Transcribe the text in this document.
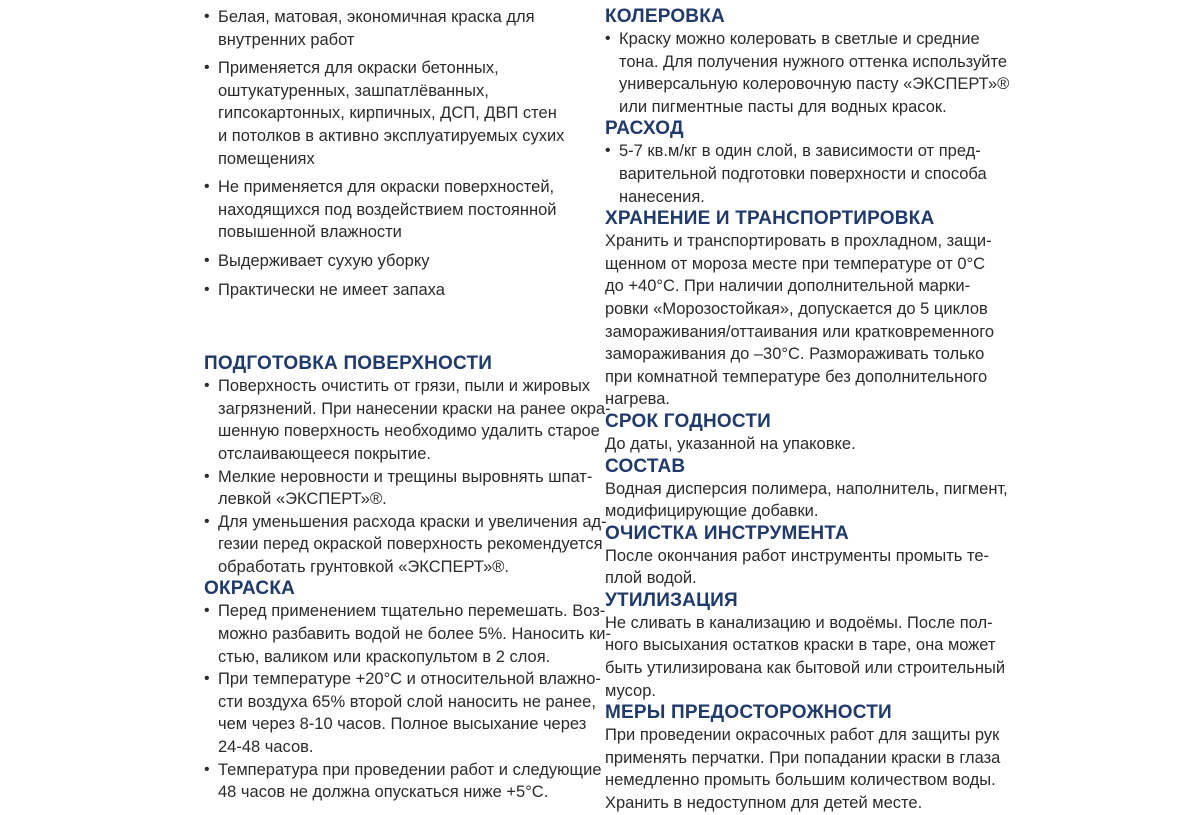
• Белая, матовая, экономичная краска для
внутренних работ
• Применяется для окраски бетонных,
оштукатуренных, зашпатлёванных,
гипсокартонных, кирпичных, ДСП, ДВП стен
и потолков в активно эксплуатируемых сухих
помещениях
• Не применяется для окраски поверхностей,
находящихся под воздействием постоянной
повышенной влажности
• Выдерживает сухую уборку
• Практически не имеет запаха
ПОДГОТОВКА ПОВЕРХНОСТИ
• Поверхность очистить от грязи, пыли и жировых
загрязнений. При нанесении краски на ранее окра-
шенную поверхность необходимо удалить старое
отслаивающееся покрытие.
• Мелкие неровности и трещины выровнять шпат-
левкой «ЭКСПЕРТ»®.
• Для уменьшения расхода краски и увеличения ад-
гезии перед окраской поверхность рекомендуется
обработать грунтовкой «ЭКСПЕРТ»®.
ОКРАСКА
• Перед применением тщательно перемешать. Воз-
можно разбавить водой не более 5%. Наносить ки-
стью, валиком или краскопультом в 2 слоя.
• При температуре +20°С и относительной влажно-
сти воздуха 65% второй слой наносить не ранее,
чем через 8-10 часов. Полное высыхание через
24-48 часов.
• Температура при проведении работ и следующие
48 часов не должна опускаться ниже +5°С.
КОЛЕРОВКА
• Краску можно колеровать в светлые и средние
тона. Для получения нужного оттенка используйте
универсальную колеровочную пасту «ЭКСПЕРТ»®
или пигментные пасты для водных красок.
РАСХОД
• 5-7 кв.м/кг в один слой, в зависимости от пред-
варительной подготовки поверхности и способа
нанесения.
ХРАНЕНИЕ И ТРАНСПОРТИРОВКА
Хранить и транспортировать в прохладном, защи-
щенном от мороза месте при температуре от 0°С
до +40°С. При наличии дополнительной марки-
ровки «Морозостойкая», допускается до 5 циклов
замораживания/оттаивания или кратковременного
замораживания до –30°С. Размораживать только
при комнатной температуре без дополнительного
нагрева.
СРОК ГОДНОСТИ
До даты, указанной на упаковке.
СОСТАВ
Водная дисперсия полимера, наполнитель, пигмент,
модифицирующие добавки.
ОЧИСТКА ИНСТРУМЕНТА
После окончания работ инструменты промыть те-
плой водой.
УТИЛИЗАЦИЯ
Не сливать в канализацию и водоёмы. После пол-
ного высыхания остатков краски в таре, она может
быть утилизирована как бытовой или строительный
мусор.
МЕРЫ ПРЕДОСТОРОЖНОСТИ
При проведении окрасочных работ для защиты рук
применять перчатки. При попадании краски в глаза
немедленно промыть большим количеством воды.
Хранить в недоступном для детей месте.
